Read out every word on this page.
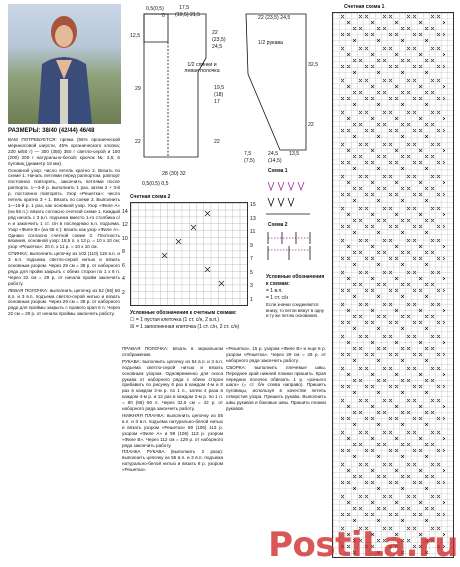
РАЗМЕРЫ: 38/40 (42/44) 46/48

ВАМ ПОТРЕБУЕТСЯ: пряжа (55% органической мериносовой шерсти, 45% органического хлопка; 230 м/50 г) — 300 (350) 350 г светло-серой и 150 (200) 200 г натурально-белой; крючок № 3,5; 6 пуговиц (диаметр 18 мм).

Основной узор: число петель кратно 2. Вязать по схеме 1. Начать петлями перед раппортом, раппорт постоянно повторять, закончить петлями после раппорта. 1—3-й р. выполнить 1 раз, затем 2 + 3-й р. постоянно повторять. Узор «Решетка»: число петель кратно 3 + 1. Вязать по схеме 2. Выполнить 1—15-й р. 1 раз, как основной узор. Узор «Филе А» (на 55 п.): вязать согласно счетной схеме 1. Каждый ряд начать с 3 в.п. подъема вместо 1-го столбика с/н и закончить 1 ст. с/н в последнюю в.п. подъема. Узор «Филе В» (на 55 п.): вязать как узор «Филе А». Однако согласно счетной схеме 2. Плотность вязания, основной узор: 18,5 п. х 13 р. = 10 х 10 см; узор «Решетка»: 20 п. х 11 р. = 10 х 10 см.

СПИНКА: выполнить цепочку из 102 (110) 118 в.п. и 3 в.п. подъема светло-серой нитью и вязать основным узором. Через 29 см = 38 р. от наборного ряда для пройм закрыть с обеих сторон по 1 х 6 п. Через 22 см = 29 р. от начала пройм закончить работу.

ЛЕВАЯ ПОЛОЧКА: выполнить цепочку из 52 (56) 60 в.п. и 3 в.п. подъема светло-серой нитью и вязать основным узором. Через 29 см = 38 р. от наборного ряда для проймы закрыть с правого края 6 п. Через 22 см = 29 р. от начала проймы закончить работу.

0,5(0,5)
0
17,5
(19,5) 21,5
12,5
29
22
22
(23,5)
24,5
19,5
(18)
17
22
1/2 спинки и левая полочка
28 (30) 32
0,5(0,5) 0,5
22 (23,5) 24,5
1/2 рукава
32,5
22
7,5
(7,5)
24,5
(14,5)
13,5
Схема 1
Схема 2
Условные обозначения к схемам:
= 1 в.п.
= 1 ст. с/н
Если значки соединяются внизу, то петли вяжут в одну и ту же петлю основания.
Счетная схема 2
15
13
11
9
7
5
3
1
14
12
10
8
6
4
2
Условные обозначения к счетным схемам:
☐ = 1 пустая клеточка (1 ст. с/н, 2 в.п.)
☒ = 1 заполненная клеточка (1 ст. с/н, 2 ст. с/н)

ПРАВАЯ ПОЛОЧКА: вязать в зеркальном отображении.

РУКАВА: выполнить цепочку из 54 в.п. и 3 в.п. подъема светло-серой нитью и вязать основным узором. Одновременно для скоса рукава от наборного ряда с обеих сторон прибавить по рисунку 6 раз в каждом 4-м и 8 раз в каждом 2-м р. по 1 п., затем 4 раза в каждом 4-м р. и 12 раз в каждом 2-м р. по 1 п. = 80 (86) 90 п. Через 32,5 см = 42 р. от наборного ряда закончить работу.

НИЖНЯЯ ПЛАНКА: выполнить цепочку из 55 в.п. и 3 в.п. подъема натурально-белой нитью и вязать узором «Решетка» 99 (106) 113 р. узором «Филе А» и 99 (106) 113 р. узором «Филе В». Через 112 см = 129 р. от наборного ряда закончить работу.

ПЛАНКА РУКАВА (выполнить 2 раза): выполнить цепочку из 55 в.п. и 3 в.п. подъема натурально-белой нитью и вязать 8 р. узором «Решетка».

«Решетка», 15 р. узором «Филе В» и еще 8 р. узором «Решетка». Через 29 см = 29 р. от наборного ряда закончить работу.

СБОРКА: выполнить плечевые швы. Переднее край нижней планки пришить. Края передних полочек обвязать 1 р. «рачьего шага» (= ст. б/н слева направо). Пришить пуговицы, используя в качестве петель отверстия узора. Пришить рукава. Выполнить швы рукавов и боковые швы. Пришить планки рукавов.

Счетная схема 1
PostiLa.ru
